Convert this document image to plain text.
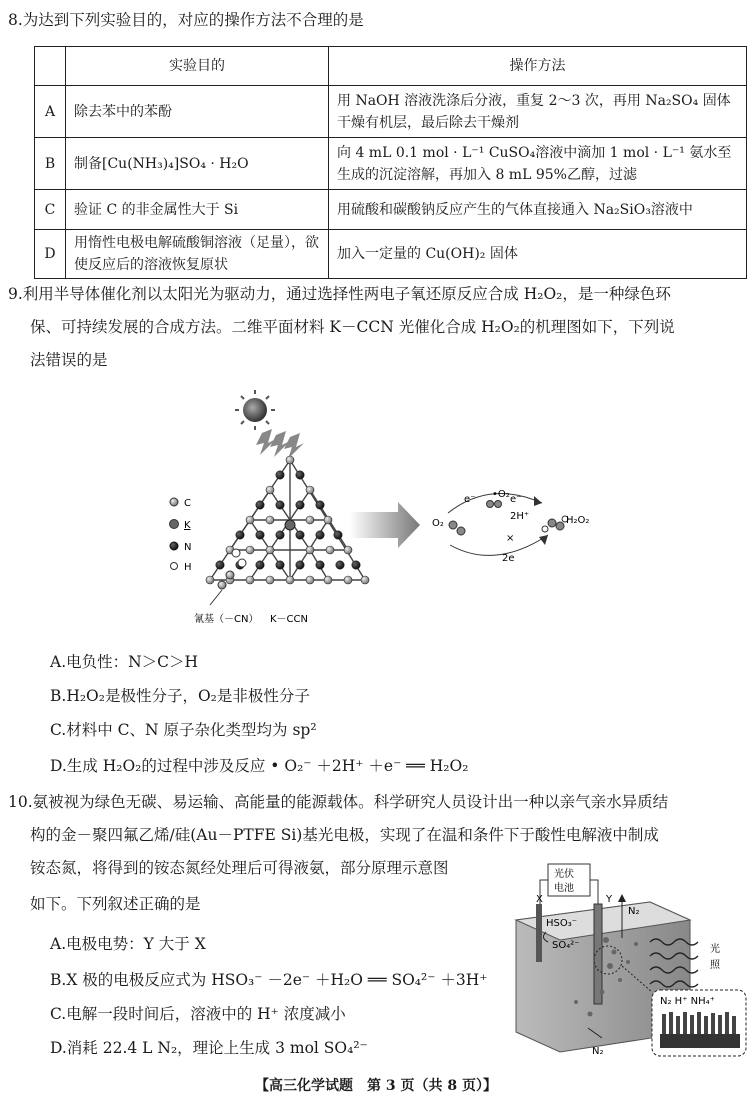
8.为达到下列实验目的，对应的操作方法不合理的是
	实验目的	操作方法
A	除去苯中的苯酚	用 NaOH 溶液洗涤后分液，重复 2～3 次，再用 Na₂SO₄ 固体干燥有机层，最后除去干燥剂
B	制备[Cu(NH₃)₄]SO₄ · H₂O	向 4 mL 0.1 mol · L⁻¹ CuSO₄溶液中滴加 1 mol · L⁻¹ 氨水至生成的沉淀溶解，再加入 8 mL 95%乙醇，过滤
C	验证 C 的非金属性大于 Si	用硫酸和碳酸钠反应产生的气体直接通入 Na₂SiO₃溶液中
D	用惰性电极电解硫酸铜溶液（足量），欲使反应后的溶液恢复原状	加入一定量的 Cu(OH)₂ 固体
9.利用半导体催化剂以太阳光为驱动力，通过选择性两电子氧还原反应合成 H₂O₂，是一种绿色环
保、可持续发展的合成方法。二维平面材料 K－CCN 光催化合成 H₂O₂的机理图如下，下列说
法错误的是
C
K
N
H
氰基（－CN） K－CCN
O₂
•O₂
e⁻	e⁻
2H⁺	H₂O₂
×
2e
A.电负性：N＞C＞H
B.H₂O₂是极性分子，O₂是非极性分子
C.材料中 C、N 原子杂化类型均为 sp²
D.生成 H₂O₂的过程中涉及反应 • O₂⁻ ＋2H⁺ ＋e⁻ ══ H₂O₂
10.氨被视为绿色无碳、易运输、高能量的能源载体。科学研究人员设计出一种以亲气亲水异质结
构的金－聚四氟乙烯/硅(Au－PTFE Si)基光电极，实现了在温和条件下于酸性电解液中制成
铵态氮，将得到的铵态氮经处理后可得液氨，部分原理示意图
如下。下列叙述正确的是
A.电极电势：Y 大于 X
B.X 极的电极反应式为 HSO₃⁻ －2e⁻ ＋H₂O ══ SO₄²⁻ ＋3H⁺
C.电解一段时间后，溶液中的 H⁺ 浓度减小
D.消耗 22.4 L N₂，理论上生成 3 mol SO₄²⁻
光伏
电池
X	Y
HSO₃⁻
SO₄²⁻
N₂
N₂
光
照
N₂ H⁺ NH₄⁺
【高三化学试题　第 3 页（共 8 页）】
